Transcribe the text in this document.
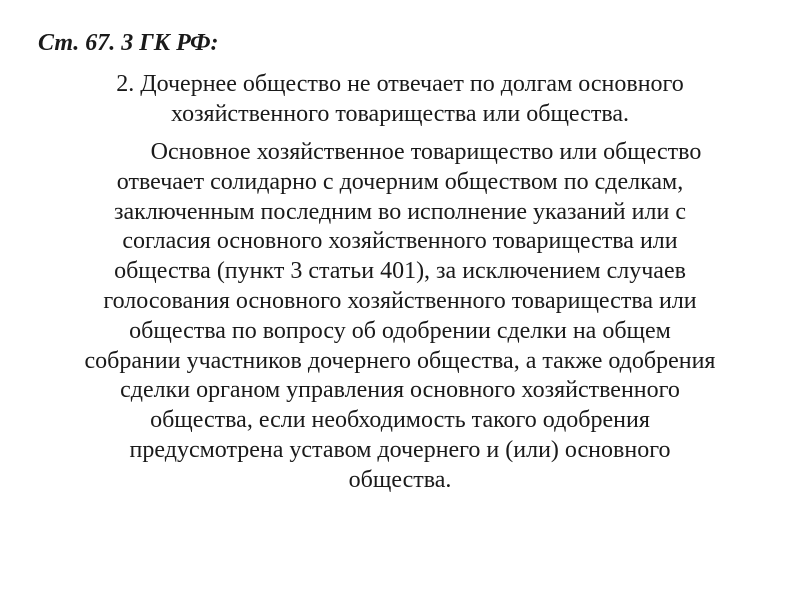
Ст. 67. 3 ГК РФ:

2. Дочернее общество не отвечает по долгам основного
хозяйственного товарищества или общества.

Основное хозяйственное товарищество или общество
отвечает солидарно с дочерним обществом по сделкам,
заключенным последним во исполнение указаний или с
согласия основного хозяйственного товарищества или
общества (пункт 3 статьи 401), за исключением случаев
голосования основного хозяйственного товарищества или
общества по вопросу об одобрении сделки на общем
собрании участников дочернего общества, а также одобрения
сделки органом управления основного хозяйственного
общества, если необходимость такого одобрения
предусмотрена уставом дочернего и (или) основного
общества.
